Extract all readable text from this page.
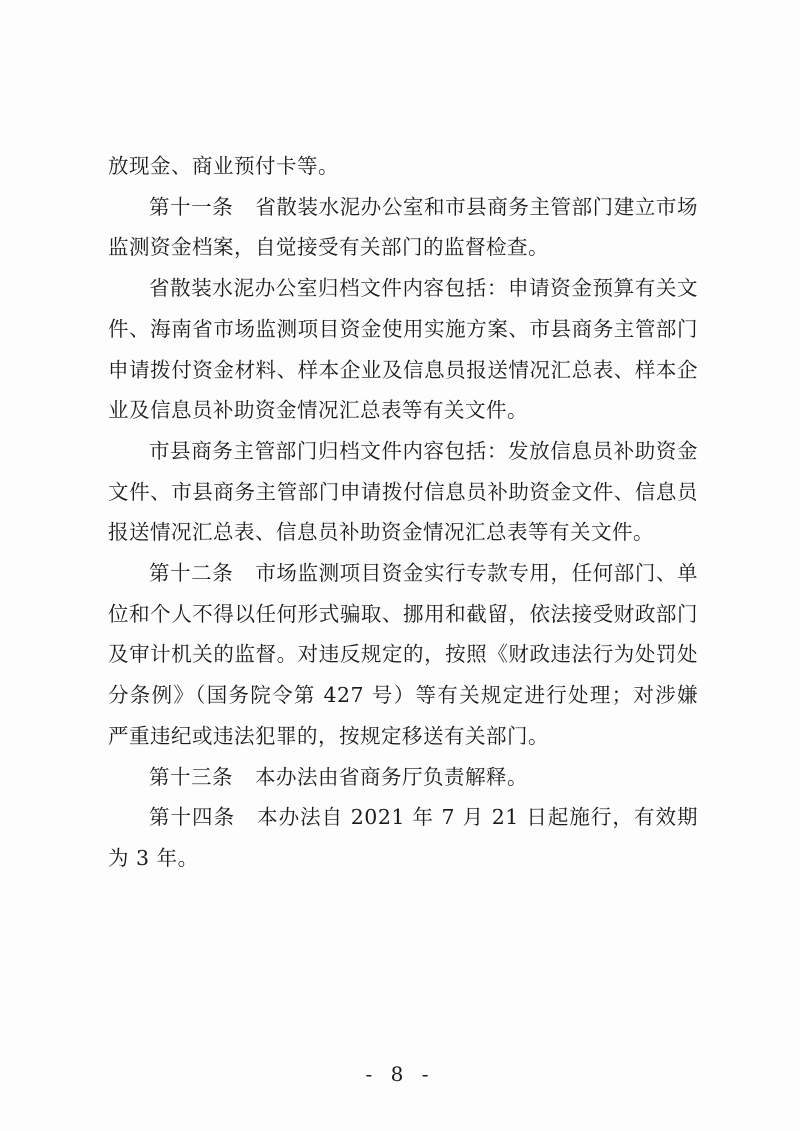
放现金、商业预付卡等。

第十一条 省散装水泥办公室和市县商务主管部门建立市场监测资金档案，自觉接受有关部门的监督检查。

省散装水泥办公室归档文件内容包括：申请资金预算有关文件、海南省市场监测项目资金使用实施方案、市县商务主管部门申请拨付资金材料、样本企业及信息员报送情况汇总表、样本企业及信息员补助资金情况汇总表等有关文件。

市县商务主管部门归档文件内容包括：发放信息员补助资金文件、市县商务主管部门申请拨付信息员补助资金文件、信息员报送情况汇总表、信息员补助资金情况汇总表等有关文件。

第十二条 市场监测项目资金实行专款专用，任何部门、单位和个人不得以任何形式骗取、挪用和截留，依法接受财政部门及审计机关的监督。对违反规定的，按照《财政违法行为处罚处分条例》（国务院令第 427 号）等有关规定进行处理；对涉嫌严重违纪或违法犯罪的，按规定移送有关部门。

第十三条 本办法由省商务厅负责解释。

第十四条 本办法自 2021 年 7 月 21 日起施行，有效期为 3 年。

- 8 -
